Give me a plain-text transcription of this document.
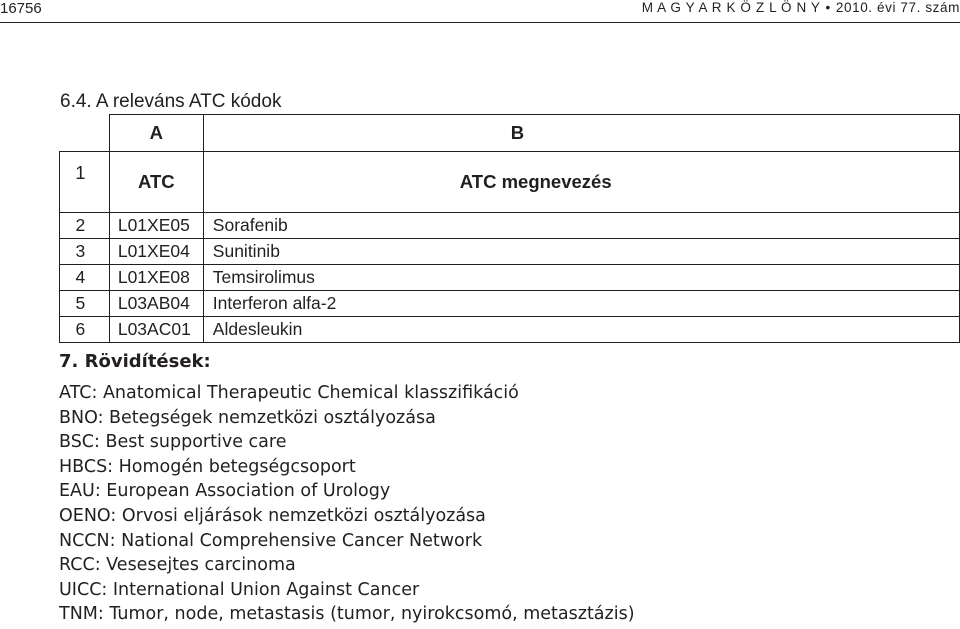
16756	M A G Y A R K Ö Z L Ö N Y • 2010. évi 77. szám
6.4. A releváns ATC kódok
	A	B
1	ATC	ATC megnevezés
2	L01XE05	Sorafenib
3	L01XE04	Sunitinib
4	L01XE08	Temsirolimus
5	L03AB04	Interferon alfa-2
6	L03AC01	Aldesleukin
7. Rövidítések:
ATC: Anatomical Therapeutic Chemical klasszifikáció
BNO: Betegségek nemzetközi osztályozása
BSC: Best supportive care
HBCS: Homogén betegségcsoport
EAU: European Association of Urology
OENO: Orvosi eljárások nemzetközi osztályozása
NCCN: National Comprehensive Cancer Network
RCC: Vesesejtes carcinoma
UICC: International Union Against Cancer
TNM: Tumor, node, metastasis (tumor, nyirokcsomó, metasztázis)
